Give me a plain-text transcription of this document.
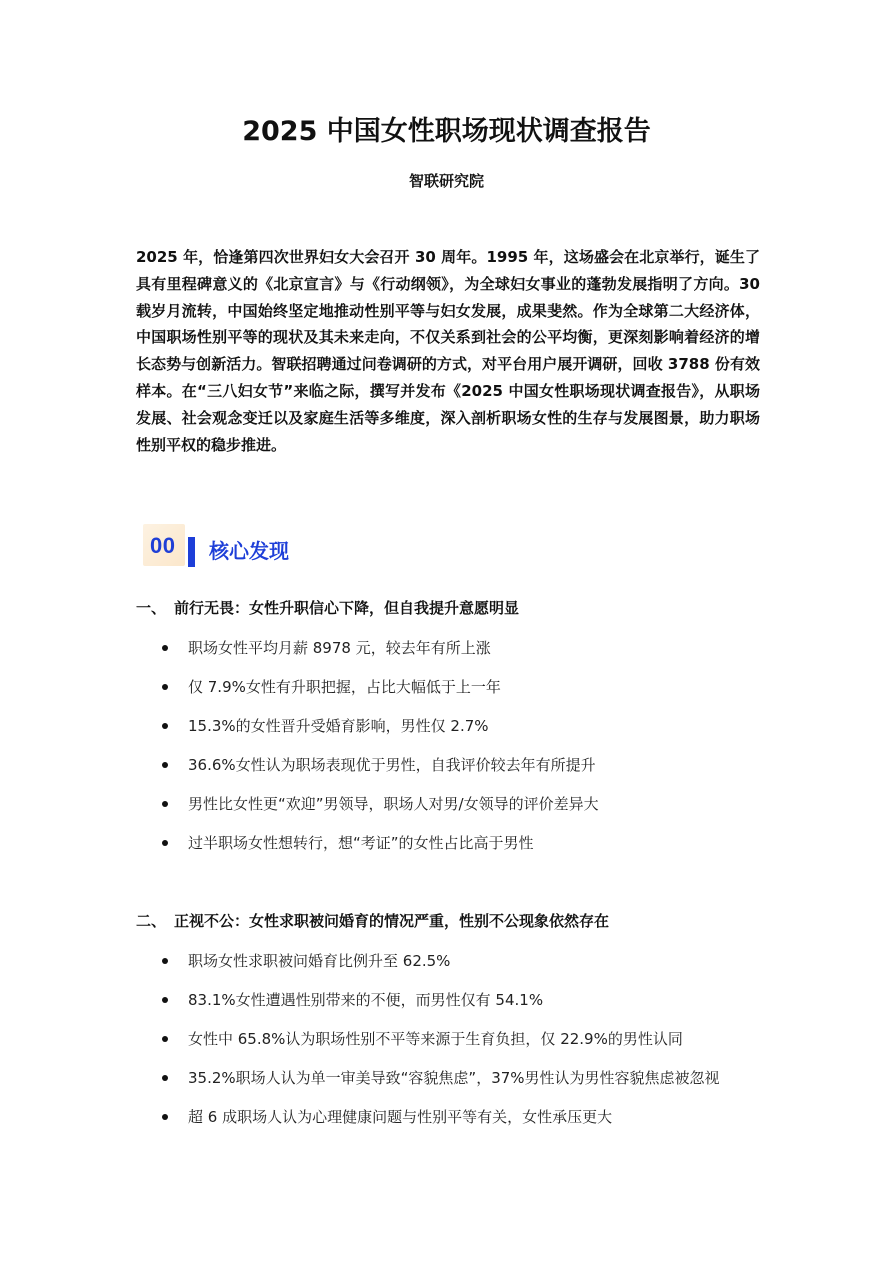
2025 中国女性职场现状调查报告
智联研究院

2025 年，恰逢第四次世界妇女大会召开 30 周年。1995 年，这场盛会在北京举行，诞生了具有里程碑意义的《北京宣言》与《行动纲领》，为全球妇女事业的蓬勃发展指明了方向。30 载岁月流转，中国始终坚定地推动性别平等与妇女发展，成果斐然。作为全球第二大经济体，中国职场性别平等的现状及其未来走向，不仅关系到社会的公平均衡，更深刻影响着经济的增长态势与创新活力。智联招聘通过问卷调研的方式，对平台用户展开调研，回收 3788 份有效样本。在“三八妇女节”来临之际，撰写并发布《2025 中国女性职场现状调查报告》，从职场发展、社会观念变迁以及家庭生活等多维度，深入剖析职场女性的生存与发展图景，助力职场性别平权的稳步推进。

00 核心发现
一、 前行无畏：女性升职信心下降，但自我提升意愿明显
职场女性平均月薪 8978 元，较去年有所上涨
仅 7.9%女性有升职把握，占比大幅低于上一年
15.3%的女性晋升受婚育影响，男性仅 2.7%
36.6%女性认为职场表现优于男性，自我评价较去年有所提升
男性比女性更“欢迎”男领导，职场人对男/女领导的评价差异大
过半职场女性想转行，想“考证”的女性占比高于男性
二、 正视不公：女性求职被问婚育的情况严重，性别不公现象依然存在
职场女性求职被问婚育比例升至 62.5%
83.1%女性遭遇性别带来的不便，而男性仅有 54.1%
女性中 65.8%认为职场性别不平等来源于生育负担，仅 22.9%的男性认同
35.2%职场人认为单一审美导致“容貌焦虑”，37%男性认为男性容貌焦虑被忽视
超 6 成职场人认为心理健康问题与性别平等有关，女性承压更大
